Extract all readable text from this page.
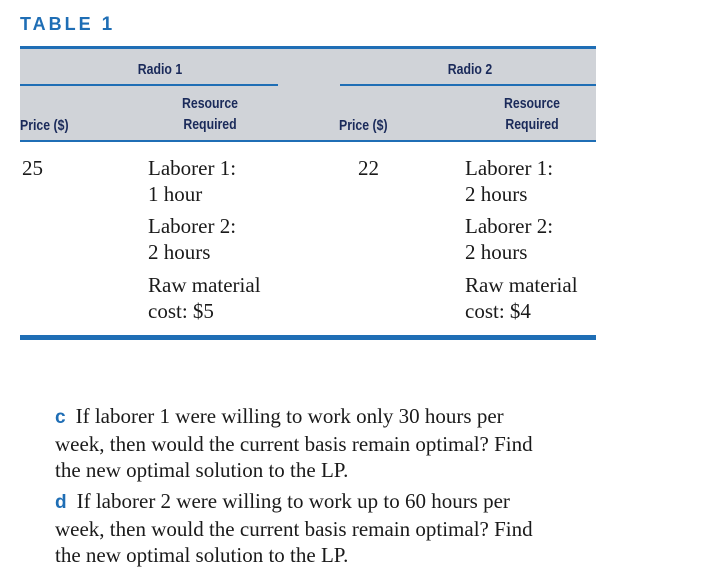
TABLE 1
Radio 1
Resource
Required
Price ($)
Radio 2
Resource
Required
Price ($)
25	Laborer 1:
1 hour
Laborer 2:
2 hours
Raw material
cost: $5
22	Laborer 1:
2 hours
Laborer 2:
2 hours
Raw material
cost: $4
c If laborer 1 were willing to work only 30 hours per
week, then would the current basis remain optimal? Find
the new optimal solution to the LP.
d If laborer 2 were willing to work up to 60 hours per
week, then would the current basis remain optimal? Find
the new optimal solution to the LP.
